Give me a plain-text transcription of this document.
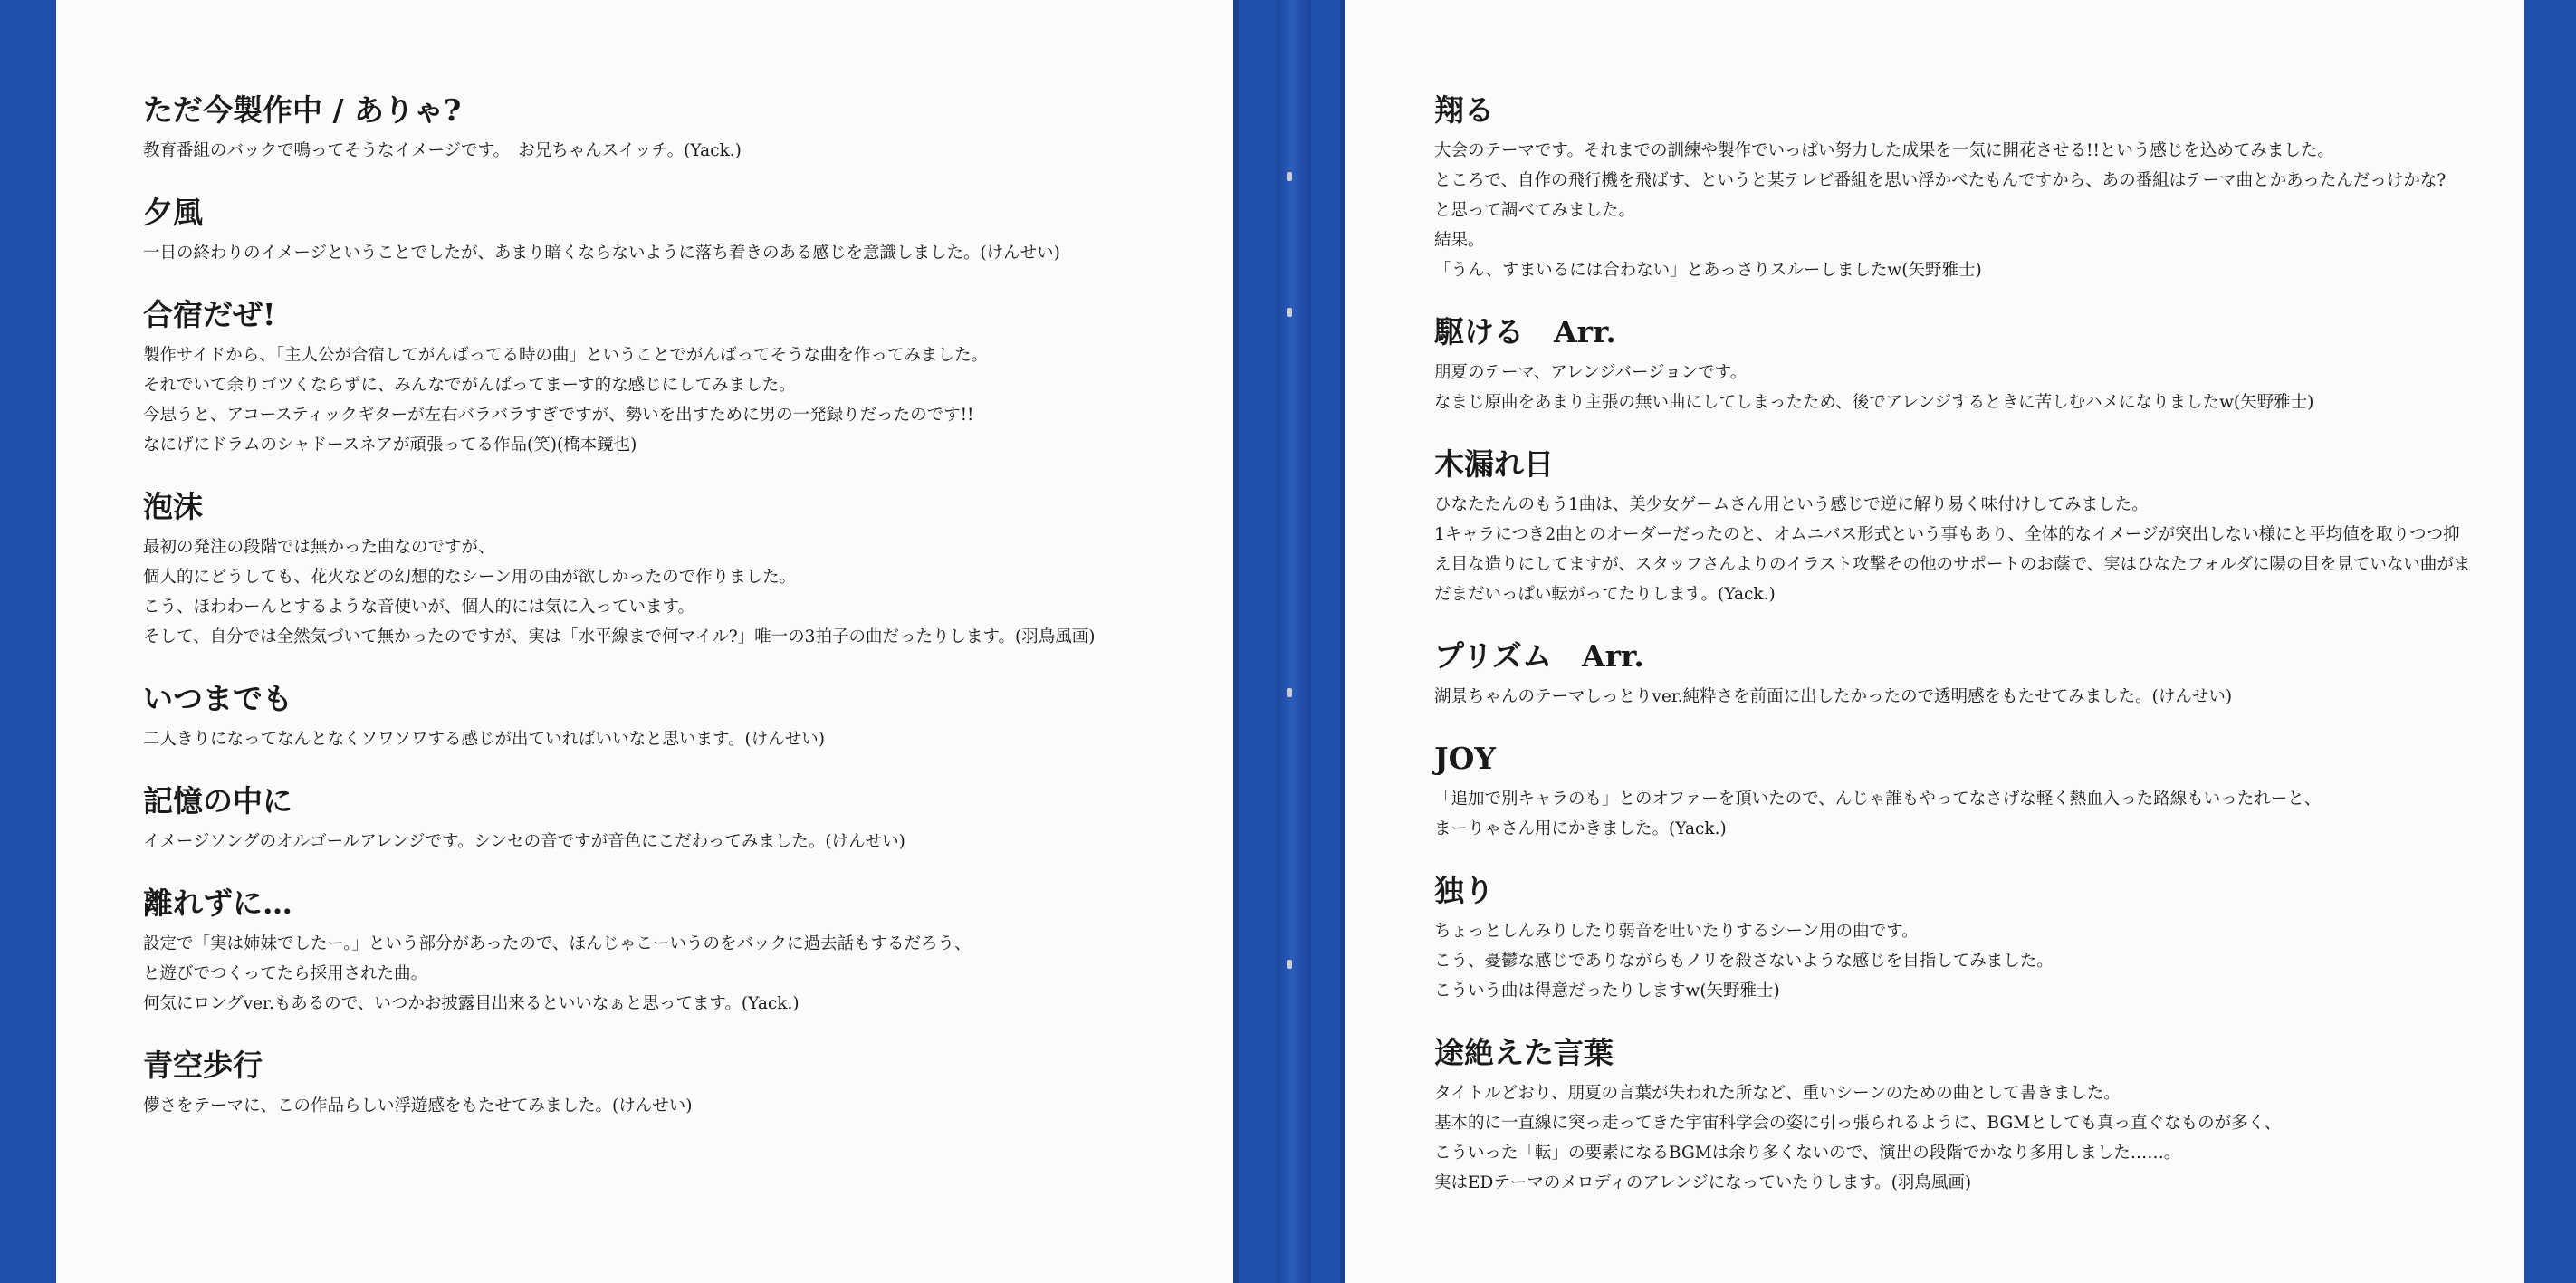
ただ今製作中 / ありゃ?

教育番組のバックで鳴ってそうなイメージです。　お兄ちゃんスイッチ。(Yack.)

夕風

一日の終わりのイメージということでしたが、あまり暗くならないように落ち着きのある感じを意識しました。(けんせい)

合宿だぜ!

製作サイドから、「主人公が合宿してがんばってる時の曲」ということでがんばってそうな曲を作ってみました。

それでいて余りゴツくならずに、みんなでがんばってまーす的な感じにしてみました。

今思うと、アコースティックギターが左右バラバラすぎですが、勢いを出すために男の一発録りだったのです!!

なにげにドラムのシャドースネアが頑張ってる作品(笑)(橋本鏡也)

泡沫

最初の発注の段階では無かった曲なのですが、

個人的にどうしても、花火などの幻想的なシーン用の曲が欲しかったので作りました。

こう、ほわわーんとするような音使いが、個人的には気に入っています。

そして、自分では全然気づいて無かったのですが、実は「水平線まで何マイル?」唯一の3拍子の曲だったりします。(羽鳥風画)

いつまでも

二人きりになってなんとなくソワソワする感じが出ていればいいなと思います。(けんせい)

記憶の中に

イメージソングのオルゴールアレンジです。シンセの音ですが音色にこだわってみました。(けんせい)

離れずに…

設定で「実は姉妹でしたー。」という部分があったので、ほんじゃこーいうのをバックに過去話もするだろう、

と遊びでつくってたら採用された曲。

何気にロングver.もあるので、いつかお披露目出来るといいなぁと思ってます。(Yack.)

青空歩行

儚さをテーマに、この作品らしい浮遊感をもたせてみました。(けんせい)

翔る

大会のテーマです。それまでの訓練や製作でいっぱい努力した成果を一気に開花させる!!という感じを込めてみました。

ところで、自作の飛行機を飛ばす、というと某テレビ番組を思い浮かべたもんですから、あの番組はテーマ曲とかあったんだっけかな?

と思って調べてみました。

結果。

「うん、すまいるには合わない」とあっさりスルーしましたw(矢野雅士)

駆ける　Arr.

朋夏のテーマ、アレンジバージョンです。

なまじ原曲をあまり主張の無い曲にしてしまったため、後でアレンジするときに苦しむハメになりましたw(矢野雅士)

木漏れ日

ひなたたんのもう1曲は、美少女ゲームさん用という感じで逆に解り易く味付けしてみました。

1キャラにつき2曲とのオーダーだったのと、オムニバス形式という事もあり、全体的なイメージが突出しない様にと平均値を取りつつ抑

え目な造りにしてますが、スタッフさんよりのイラスト攻撃その他のサポートのお蔭で、実はひなたフォルダに陽の目を見ていない曲がま

だまだいっぱい転がってたりします。(Yack.)

プリズム　Arr.

湖景ちゃんのテーマしっとりver.純粋さを前面に出したかったので透明感をもたせてみました。(けんせい)

JOY

「追加で別キャラのも」とのオファーを頂いたので、んじゃ誰もやってなさげな軽く熱血入った路線もいったれーと、

まーりゃさん用にかきました。(Yack.)

独り

ちょっとしんみりしたり弱音を吐いたりするシーン用の曲です。

こう、憂鬱な感じでありながらもノリを殺さないような感じを目指してみました。

こういう曲は得意だったりしますw(矢野雅士)

途絶えた言葉

タイトルどおり、朋夏の言葉が失われた所など、重いシーンのための曲として書きました。

基本的に一直線に突っ走ってきた宇宙科学会の姿に引っ張られるように、BGMとしても真っ直ぐなものが多く、

こういった「転」の要素になるBGMは余り多くないので、演出の段階でかなり多用しました……。

実はEDテーマのメロディのアレンジになっていたりします。(羽鳥風画)
